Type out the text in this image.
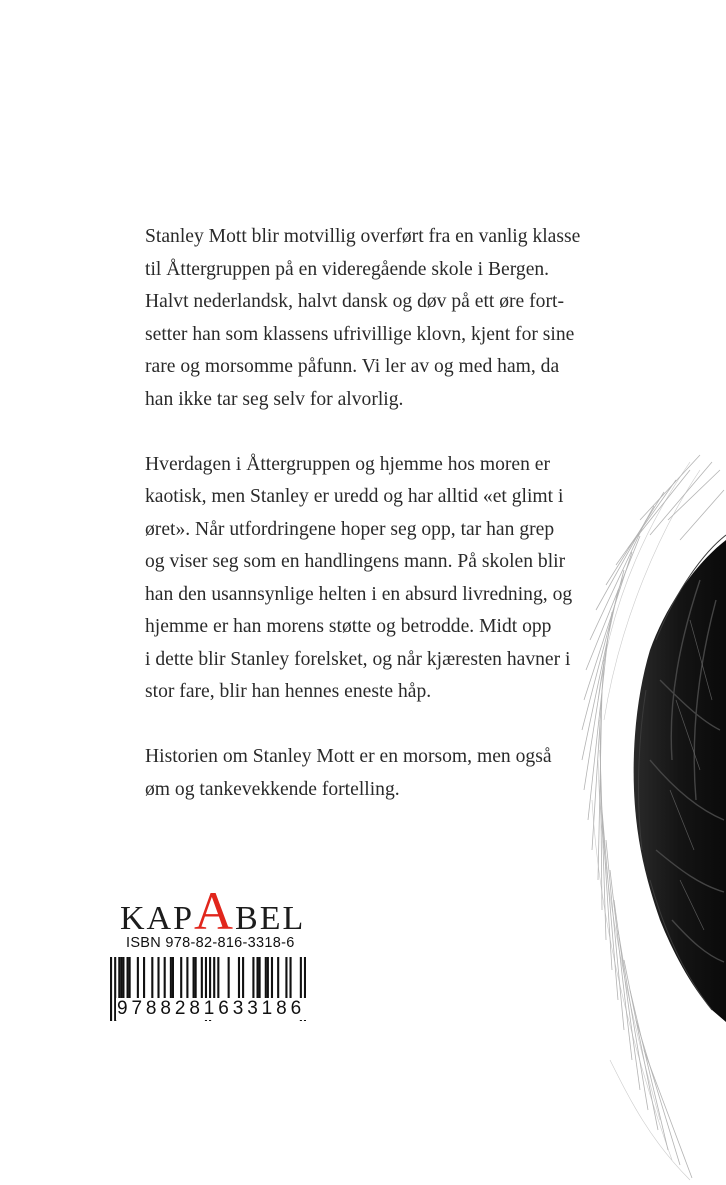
Stanley Mott blir motvillig overført fra en vanlig klasse
til Åttergruppen på en videregående skole i Bergen.
Halvt nederlandsk, halvt dansk og døv på ett øre fort-
setter han som klassens ufrivillige klovn, kjent for sine
rare og morsomme påfunn. Vi ler av og med ham, da
han ikke tar seg selv for alvorlig.

Hverdagen i Åttergruppen og hjemme hos moren er
kaotisk, men Stanley er uredd og har alltid «et glimt i
øret». Når utfordringene hoper seg opp, tar han grep
og viser seg som en handlingens mann. På skolen blir
han den usannsynlige helten i en absurd livredning, og
hjemme er han morens støtte og betrodde. Midt opp
i dette blir Stanley forelsket, og når kjæresten havner i
stor fare, blir han hennes eneste håp.

Historien om Stanley Mott er en morsom, men også
øm og tankevekkende fortelling.

KAPABEL
ISBN 978-82-816-3318-6
9788281633186
